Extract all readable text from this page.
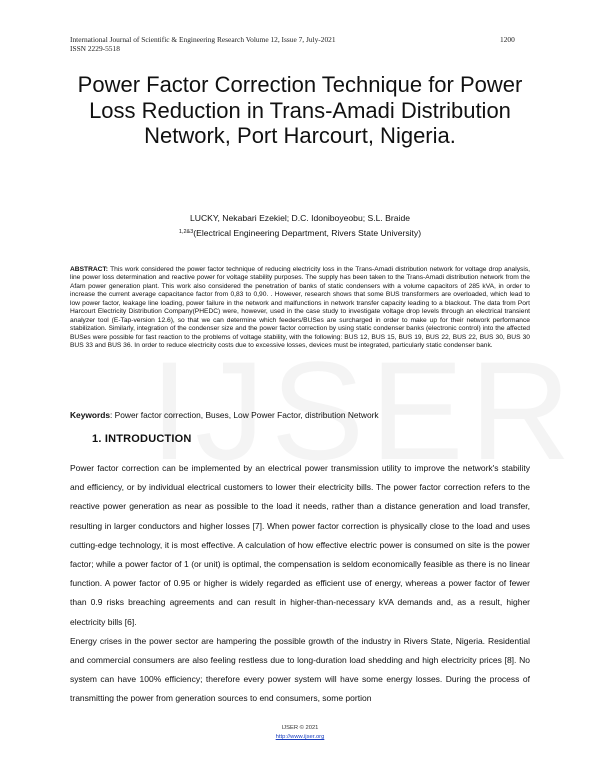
International Journal of Scientific & Engineering Research Volume 12, Issue 7, July-2021
ISSN 2229-5518
1200
Power Factor Correction Technique for Power Loss Reduction in Trans-Amadi Distribution Network, Port Harcourt, Nigeria.
LUCKY, Nekabari Ezekiel; D.C. Idoniboyeobu; S.L. Braide
$^{1,2\&3}$(Electrical Engineering Department, Rivers State University)

ABSTRACT: This work considered the power factor technique of reducing electricity loss in the Trans-Amadi distribution network for voltage drop analysis, line power loss determination and reactive power for voltage stability purposes. The supply has been taken to the Trans-Amadi distribution network from the Afam power generation plant. This work also considered the penetration of banks of static condensers with a volume capacitors of 285 kVA, in order to increase the current average capacitance factor from 0,83 to 0,90. . However, research shows that some BUS transformers are overloaded, which lead to low power factor, leakage line loading, power failure in the network and malfunctions in network transfer capacity leading to a blackout. The data from Port Harcourt Electricity Distribution Company(PHEDC) were, however, used in the case study to investigate voltage drop levels through an electrical transient analyzer tool (E-Tap-version 12.6), so that we can determine which feeders/BUSes are surcharged in order to make up for their network performance stabilization. Similarly, integration of the condenser size and the power factor correction by using static condenser banks (electronic control) into the affected BUSes were possible for fast reaction to the problems of voltage stability, with the following: BUS 12, BUS 15, BUS 19, BUS 22, BUS 22, BUS 30, BUS 30 BUS 33 and BUS 36. In order to reduce electricity costs due to excessive losses, devices must be integrated, particularly static condenser bank.

Keywords: Power factor correction, Buses, Low Power Factor, distribution Network

1. INTRODUCTION

Power factor correction can be implemented by an electrical power transmission utility to improve the network's stability and efficiency, or by individual electrical customers to lower their electricity bills. The power factor correction refers to the reactive power generation as near as possible to the load it needs, rather than a distance generation and load transfer, resulting in larger conductors and higher losses [7]. When power factor correction is physically close to the load and uses cutting-edge technology, it is most effective. A calculation of how effective electric power is consumed on site is the power factor; while a power factor of 1 (or unit) is optimal, the compensation is seldom economically feasible as there is no linear function. A power factor of 0.95 or higher is widely regarded as efficient use of energy, whereas a power factor of fewer than 0.9 risks breaching agreements and can result in higher-than-necessary kVA demands and, as a result, higher electricity bills [6].

Energy crises in the power sector are hampering the possible growth of the industry in Rivers State, Nigeria. Residential and commercial consumers are also feeling restless due to long-duration load shedding and high electricity prices [8]. No system can have 100% efficiency; therefore every power system will have some energy losses. During the process of transmitting the power from generation sources to end consumers, some portion

IJSER © 2021
http://www.ijser.org
